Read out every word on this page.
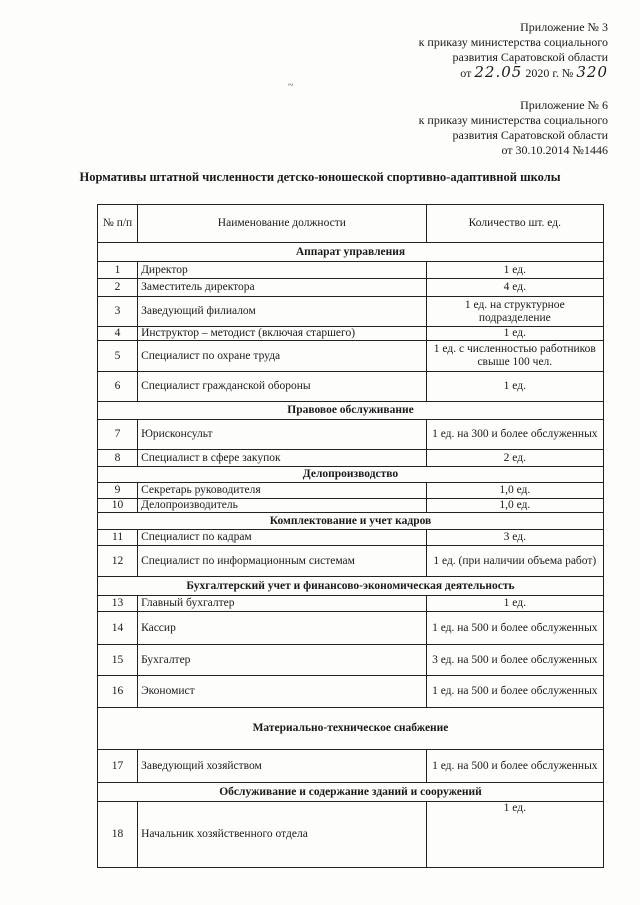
Приложение № 3
к приказу министерства социального
развития Саратовской области
от 22.05 2020 г. № 320
Приложение № 6
к приказу министерства социального
развития Саратовской области
от 30.10.2014 №1446
~
Нормативы штатной численности детско-юношеской спортивно-адаптивной школы
№ п/п	Наименование должности	Количество шт. ед.
Аппарат управления		
1	Директор	1 ед.
2	Заместитель директора	4 ед.
3	Заведующий филиалом	1 ед. на структурное подразделение
4	Инструктор – методист (включая старшего)	1 ед.
5	Специалист по охране труда	1 ед. с численностью работников свыше 100 чел.
6	Специалист гражданской обороны	1 ед.
Правовое обслуживание		
7	Юрисконсульт	1 ед. на 300 и более обслуженных
8	Специалист в сфере закупок	2 ед.
Делопроизводство		
9	Секретарь руководителя	1,0 ед.
10	Делопроизводитель	1,0 ед.
Комплектование и учет кадров		
11	Специалист по кадрам	3 ед.
12	Специалист по информационным системам	1 ед. (при наличии объема работ)
Бухгалтерский учет и финансово-экономическая деятельность		
13	Главный бухгалтер	1 ед.
14	Кассир	1 ед. на 500 и более обслуженных
15	Бухгалтер	3 ед. на 500 и более обслуженных
16	Экономист	1 ед. на 500 и более обслуженных
Материально-техническое снабжение		
17	Заведующий хозяйством	1 ед. на 500 и более обслуженных
Обслуживание и содержание зданий и сооружений		
18	Начальник хозяйственного отдела	1 ед.
